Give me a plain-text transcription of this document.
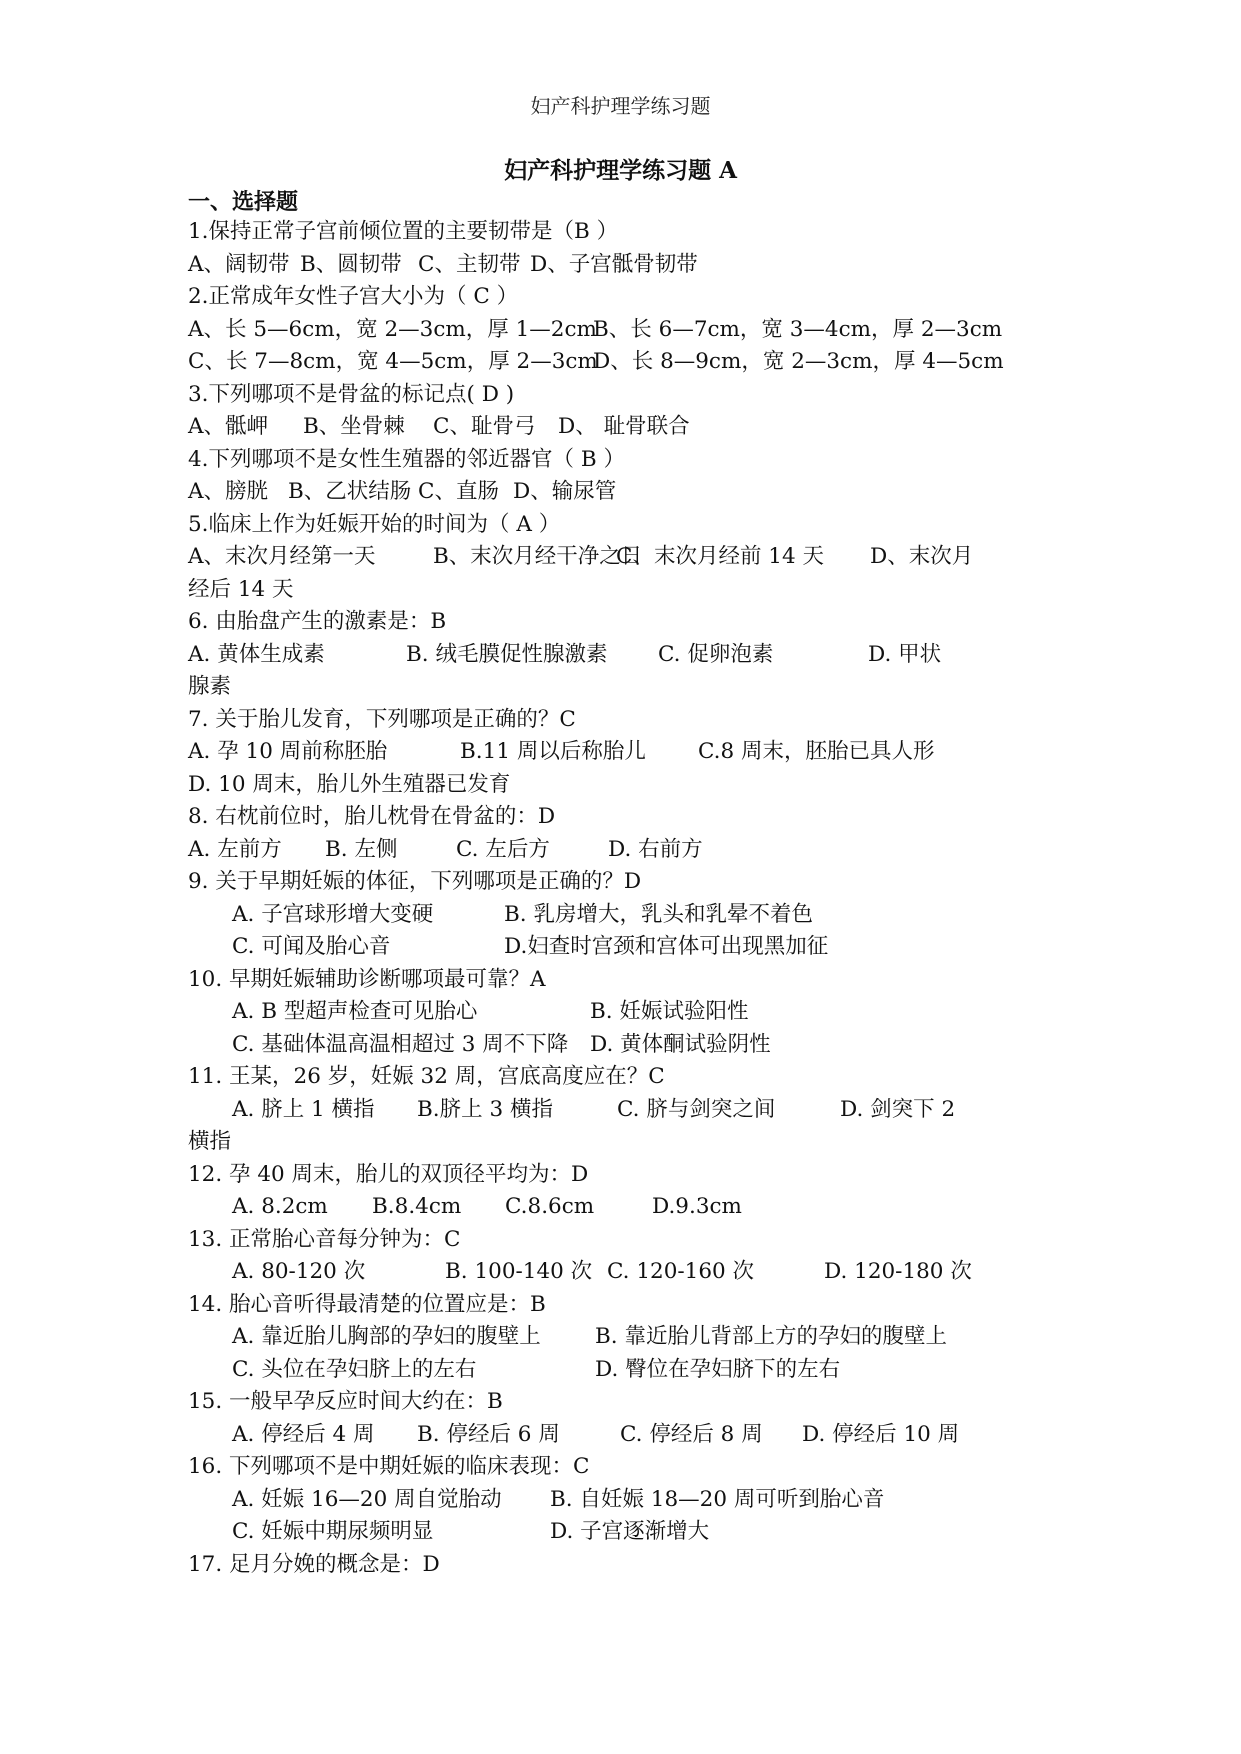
妇产科护理学练习题
妇产科护理学练习题 A
一、选择题
1.保持正常子宫前倾位置的主要韧带是（B ）
A、阔韧带 B、圆韧带 C、主韧带 D、子宫骶骨韧带
2.正常成年女性子宫大小为（ C ）
A、长 5—6cm，宽 2—3cm，厚 1—2cm
B、长 6—7cm，宽 3—4cm，厚 2—3cm
C、长 7—8cm，宽 4—5cm，厚 2—3cm
D、长 8—9cm，宽 2—3cm，厚 4—5cm
3.下列哪项不是骨盆的标记点( D )
A、骶岬 B、坐骨棘 C、耻骨弓 D、 耻骨联合
4.下列哪项不是女性生殖器的邻近器官（ B ）
A、膀胱 B、乙状结肠 C、直肠 D、输尿管
5.临床上作为妊娠开始的时间为（ A ）
A、末次月经第一天	B、末次月经干净之日
C、末次月经前 14 天 D、末次月
经后 14 天
6. 由胎盘产生的激素是：B
A. 黄体生成素	B. 绒毛膜促性腺激素 C. 促卵泡素	D. 甲状
腺素
7. 关于胎儿发育，下列哪项是正确的？C
A. 孕 10 周前称胚胎	B.11 周以后称胎儿 C.8 周末，胚胎已具人形
D. 10 周末，胎儿外生殖器已发育
8. 右枕前位时，胎儿枕骨在骨盆的：D
A. 左前方 B. 左侧	C. 左后方	D. 右前方
9. 关于早期妊娠的体征，下列哪项是正确的？D
A. 子宫球形增大变硬	B. 乳房增大，乳头和乳晕不着色
C. 可闻及胎心音	D.妇查时宫颈和宫体可出现黑加征
10. 早期妊娠辅助诊断哪项最可靠？A
A. B 型超声检查可见胎心	B. 妊娠试验阳性
C. 基础体温高温相超过 3 周不下降 D. 黄体酮试验阴性
11. 王某，26 岁，妊娠 32 周，宫底高度应在？C
A. 脐上 1 横指 B.脐上 3 横指	C. 脐与剑突之间	D. 剑突下 2
横指
12. 孕 40 周末，胎儿的双顶径平均为：D
A. 8.2cm B.8.4cm C.8.6cm	D.9.3cm
13. 正常胎心音每分钟为：C
A. 80-120 次	B. 100-140 次 C. 120-160 次	D. 120-180 次
14. 胎心音听得最清楚的位置应是：B
A. 靠近胎儿胸部的孕妇的腹壁上	B. 靠近胎儿背部上方的孕妇的腹壁上
C. 头位在孕妇脐上的左右	D. 臀位在孕妇脐下的左右
15. 一般早孕反应时间大约在：B
A. 停经后 4 周 B. 停经后 6 周	C. 停经后 8 周 D. 停经后 10 周
16. 下列哪项不是中期妊娠的临床表现：C
A. 妊娠 16—20 周自觉胎动 B. 自妊娠 18—20 周可听到胎心音
C. 妊娠中期尿频明显	D. 子宫逐渐增大
17. 足月分娩的概念是：D
